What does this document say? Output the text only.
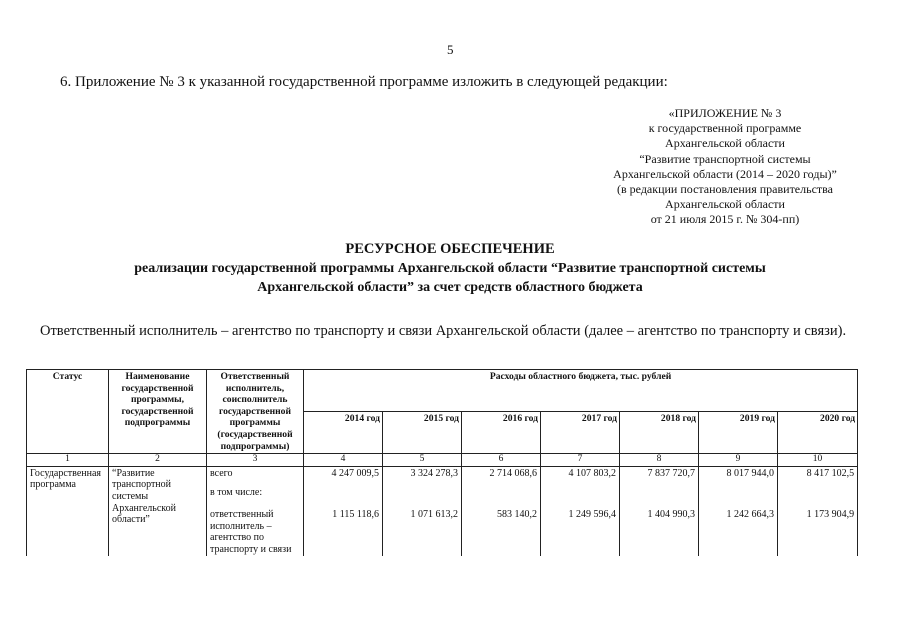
5
6. Приложение № 3 к указанной государственной программе изложить в следующей редакции:
«ПРИЛОЖЕНИЕ № 3
к государственной программе
Архангельской области
“Развитие транспортной системы
Архангельской области (2014 – 2020 годы)”
(в редакции постановления правительства
Архангельской области
от 21 июля 2015 г. № 304-пп)
РЕСУРСНОЕ ОБЕСПЕЧЕНИЕ
реализации государственной программы Архангельской области “Развитие транспортной системы
Архангельской области” за счет средств областного бюджета
Ответственный исполнитель – агентство по транспорту и связи Архангельской области (далее – агентство по транспорту и связи).
Статус	Наименование государственной программы, государственной подпрограммы	Ответственный исполнитель, соисполнитель государственной программы (государственной подпрограммы)	Расходы областного бюджета, тыс. рублей						
			2014 год	2015 год	2016 год	2017 год	2018 год	2019 год	2020 год
1	2	3	4	5	6	7	8	9	10
Государственная программа	“Развитие транспортной системы Архангельской области”	всего	4 247 009,5	3 324 278,3	2 714 068,6	4 107 803,2	7 837 720,7	8 017 944,0	8 417 102,5
		в том числе:							
		ответственный исполнитель – агентство по транспорту и связи	1 115 118,6	1 071 613,2	583 140,2	1 249 596,4	1 404 990,3	1 242 664,3	1 173 904,9
